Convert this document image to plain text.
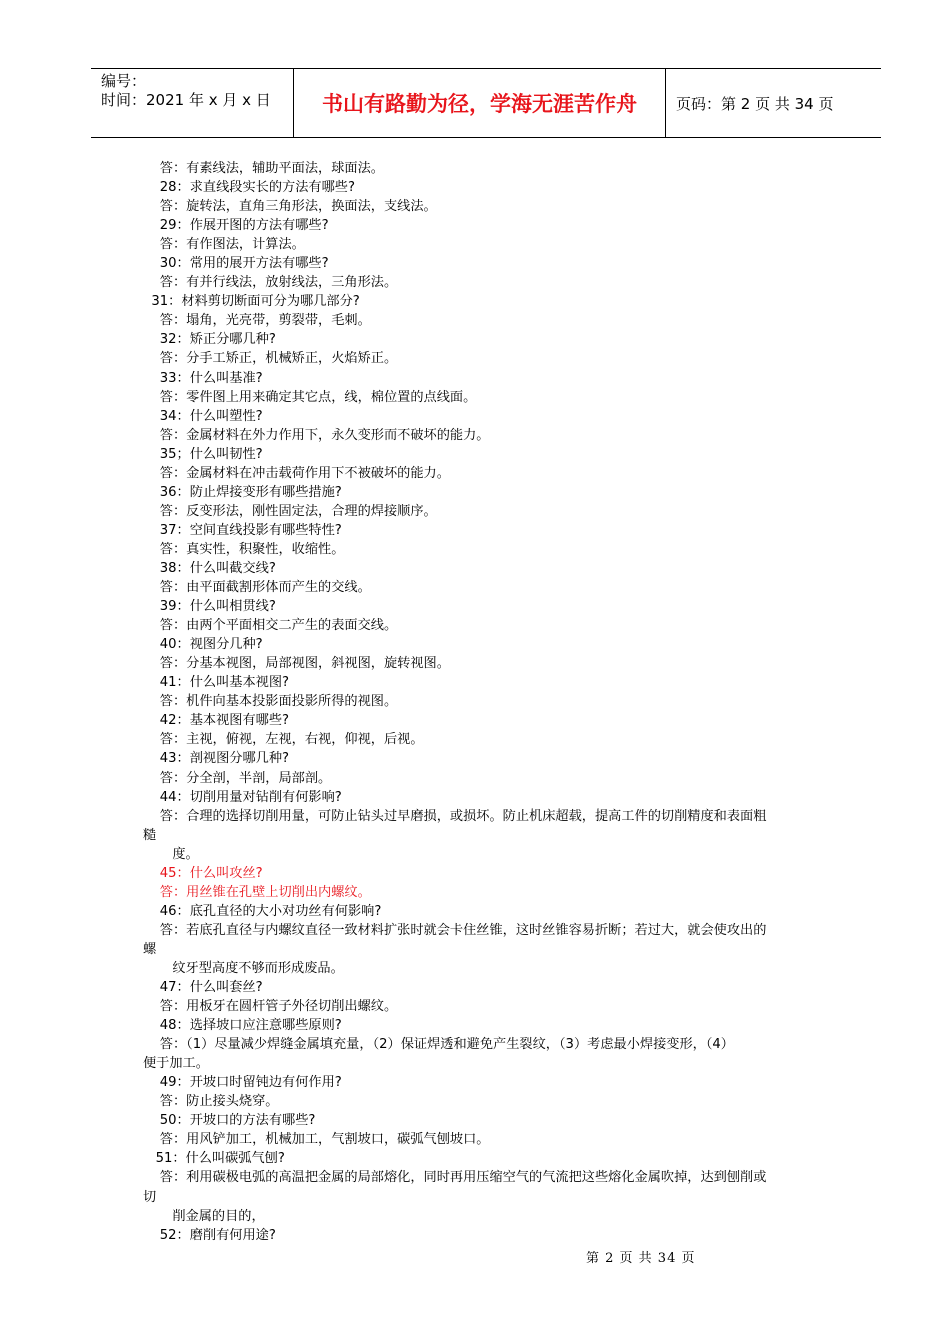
编号：
时间：2021 年 x 月 x 日	书山有路勤为径，学海无涯苦作舟	页码：第 2 页 共 34 页
答：有素线法，辅助平面法，球面法。
28：求直线段实长的方法有哪些?
答：旋转法，直角三角形法，换面法，支线法。
29：作展开图的方法有哪些?
答：有作图法，计算法。
30：常用的展开方法有哪些?
答：有并行线法，放射线法，三角形法。
31：材料剪切断面可分为哪几部分?
答：塌角，光亮带，剪裂带，毛刺。
32：矫正分哪几种?
答：分手工矫正，机械矫正，火焰矫正。
33：什么叫基准?
答：零件图上用来确定其它点，线，棉位置的点线面。
34：什么叫塑性?
答：金属材料在外力作用下，永久变形而不破坏的能力。
35；什么叫韧性?
答：金属材料在冲击载荷作用下不被破坏的能力。
36：防止焊接变形有哪些措施?
答：反变形法，刚性固定法，合理的焊接顺序。
37：空间直线投影有哪些特性?
答：真实性，积聚性，收缩性。
38：什么叫截交线?
答：由平面截割形体而产生的交线。
39：什么叫相贯线?
答：由两个平面相交二产生的表面交线。
40：视图分几种?
答：分基本视图，局部视图，斜视图，旋转视图。
41：什么叫基本视图?
答：机件向基本投影面投影所得的视图。
42：基本视图有哪些?
答：主视，俯视，左视，右视，仰视，后视。
43：剖视图分哪几种?
答：分全剖，半剖，局部剖。
44：切削用量对钻削有何影响?
答：合理的选择切削用量，可防止钻头过早磨损，或损坏。防止机床超载，提高工件的切削精度和表面粗
糙
度。
45：什么叫攻丝?
答：用丝锥在孔壁上切削出内螺纹。
46：底孔直径的大小对功丝有何影响?
答：若底孔直径与内螺纹直径一致材料扩张时就会卡住丝锥，这时丝锥容易折断；若过大，就会使攻出的
螺
纹牙型高度不够而形成废品。
47：什么叫套丝?
答：用板牙在圆杆管子外径切削出螺纹。
48：选择坡口应注意哪些原则?
答：（1）尽量减少焊缝金属填充量，（2）保证焊透和避免产生裂纹，（3）考虑最小焊接变形，（4）
便于加工。
49：开坡口时留钝边有何作用?
答：防止接头烧穿。
50：开坡口的方法有哪些?
答：用风铲加工，机械加工，气割坡口，碳弧气刨坡口。
51：什么叫碳弧气刨?
答：利用碳极电弧的高温把金属的局部熔化，同时再用压缩空气的气流把这些熔化金属吹掉，达到刨削或
切
削金属的目的，
52：磨削有何用途?
第 2 页 共 34 页
